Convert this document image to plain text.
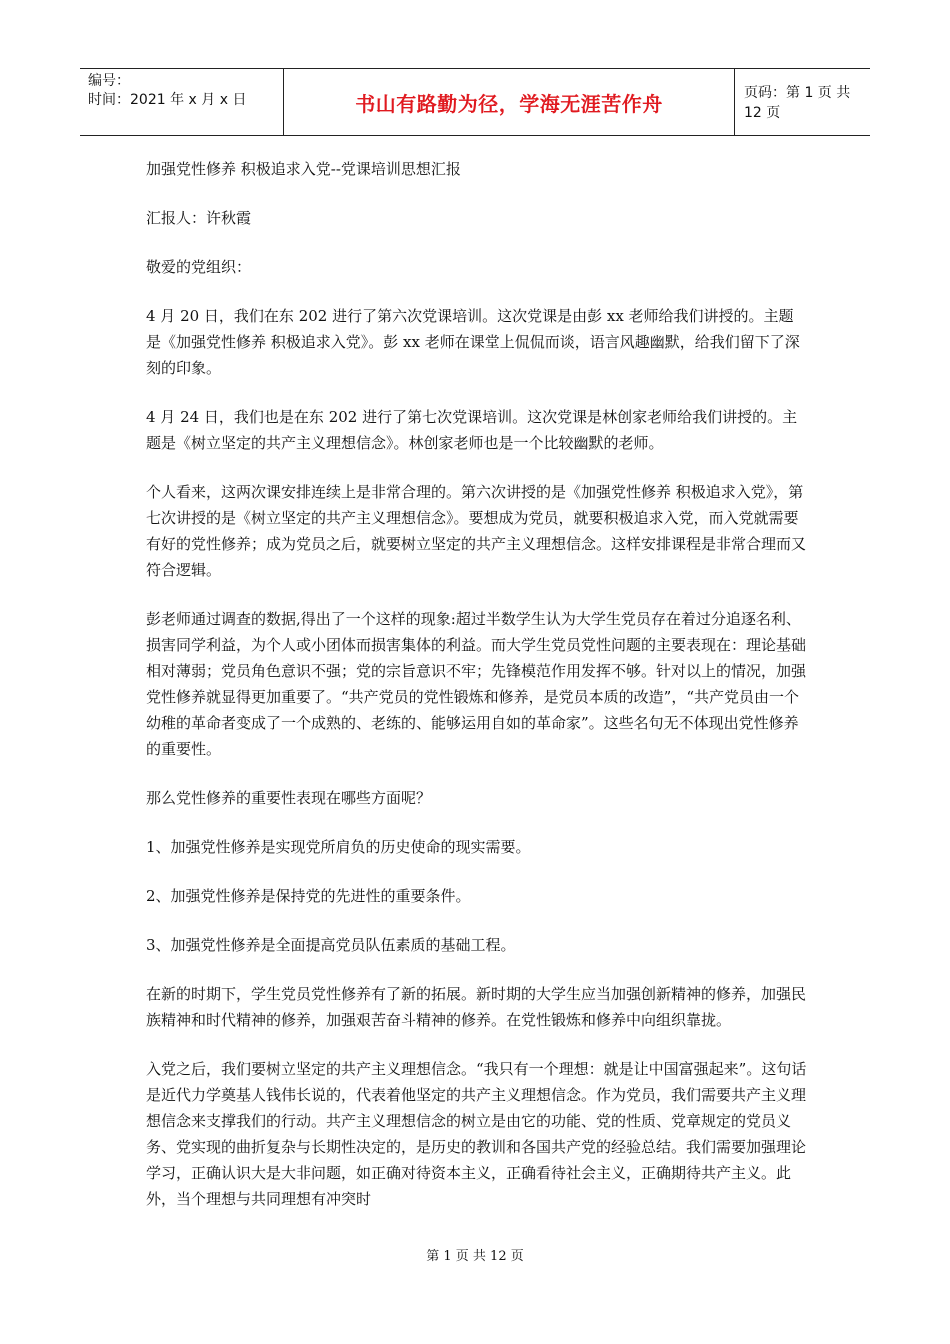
编号：
时间：2021 年 x 月 x 日	书山有路勤为径，学海无涯苦作舟	页码：第 1 页 共 12 页

加强党性修养 积极追求入党--党课培训思想汇报

汇报人：许秋霞

敬爱的党组织：

4 月 20 日，我们在东 202 进行了第六次党课培训。这次党课是由彭 xx 老师给我们讲授的。主题是《加强党性修养 积极追求入党》。彭 xx 老师在课堂上侃侃而谈，语言风趣幽默，给我们留下了深刻的印象。

4 月 24 日，我们也是在东 202 进行了第七次党课培训。这次党课是林创家老师给我们讲授的。主题是《树立坚定的共产主义理想信念》。林创家老师也是一个比较幽默的老师。

个人看来，这两次课安排连续上是非常合理的。第六次讲授的是《加强党性修养 积极追求入党》，第七次讲授的是《树立坚定的共产主义理想信念》。要想成为党员，就要积极追求入党，而入党就需要有好的党性修养；成为党员之后，就要树立坚定的共产主义理想信念。这样安排课程是非常合理而又符合逻辑。

彭老师通过调查的数据,得出了一个这样的现象:超过半数学生认为大学生党员存在着过分追逐名利、损害同学利益，为个人或小团体而损害集体的利益。而大学生党员党性问题的主要表现在：理论基础相对薄弱；党员角色意识不强；党的宗旨意识不牢；先锋模范作用发挥不够。针对以上的情况，加强党性修养就显得更加重要了。“共产党员的党性锻炼和修养，是党员本质的改造”，“共产党员由一个幼稚的革命者变成了一个成熟的、老练的、能够运用自如的革命家”。这些名句无不体现出党性修养的重要性。

那么党性修养的重要性表现在哪些方面呢？

1、加强党性修养是实现党所肩负的历史使命的现实需要。

2、加强党性修养是保持党的先进性的重要条件。

3、加强党性修养是全面提高党员队伍素质的基础工程。

在新的时期下，学生党员党性修养有了新的拓展。新时期的大学生应当加强创新精神的修养，加强民族精神和时代精神的修养，加强艰苦奋斗精神的修养。在党性锻炼和修养中向组织靠拢。

入党之后，我们要树立坚定的共产主义理想信念。“我只有一个理想：就是让中国富强起来”。这句话是近代力学奠基人钱伟长说的，代表着他坚定的共产主义理想信念。作为党员，我们需要共产主义理想信念来支撑我们的行动。共产主义理想信念的树立是由它的功能、党的性质、党章规定的党员义务、党实现的曲折复杂与长期性决定的，是历史的教训和各国共产党的经验总结。我们需要加强理论学习，正确认识大是大非问题，如正确对待资本主义，正确看待社会主义，正确期待共产主义。此外，当个理想与共同理想有冲突时

第 1 页 共 12 页
